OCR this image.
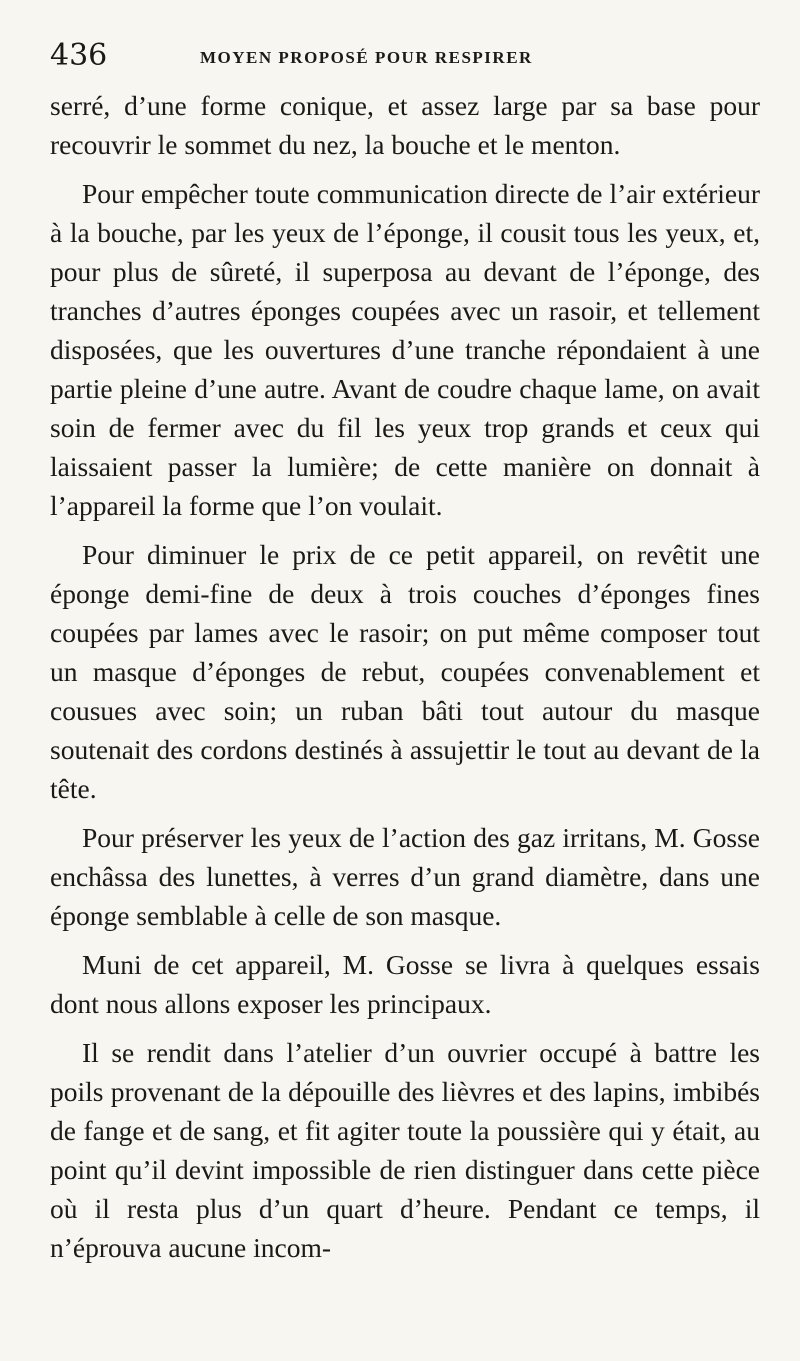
436	MOYEN PROPOSÉ POUR RESPIRER

serré, d’une forme conique, et assez large par sa base pour recouvrir le sommet du nez, la bouche et le menton.

Pour empêcher toute communication directe de l’air extérieur à la bouche, par les yeux de l’éponge, il cousit tous les yeux, et, pour plus de sûreté, il superposa au devant de l’éponge, des tranches d’autres éponges coupées avec un rasoir, et tellement disposées, que les ouvertures d’une tranche répondaient à une partie pleine d’une autre. Avant de coudre chaque lame, on avait soin de fermer avec du fil les yeux trop grands et ceux qui laissaient passer la lumière; de cette manière on donnait à l’appareil la forme que l’on voulait.

Pour diminuer le prix de ce petit appareil, on revêtit une éponge demi-fine de deux à trois couches d’éponges fines coupées par lames avec le rasoir; on put même composer tout un masque d’éponges de rebut, coupées convenablement et cousues avec soin; un ruban bâti tout autour du masque soutenait des cordons destinés à assujettir le tout au devant de la tête.

Pour préserver les yeux de l’action des gaz irritans, M. Gosse enchâssa des lunettes, à verres d’un grand diamètre, dans une éponge semblable à celle de son masque.

Muni de cet appareil, M. Gosse se livra à quelques essais dont nous allons exposer les principaux.

Il se rendit dans l’atelier d’un ouvrier occupé à battre les poils provenant de la dépouille des lièvres et des lapins, imbibés de fange et de sang, et fit agiter toute la poussière qui y était, au point qu’il devint impossible de rien distinguer dans cette pièce où il resta plus d’un quart d’heure. Pendant ce temps, il n’éprouva aucune incom-
